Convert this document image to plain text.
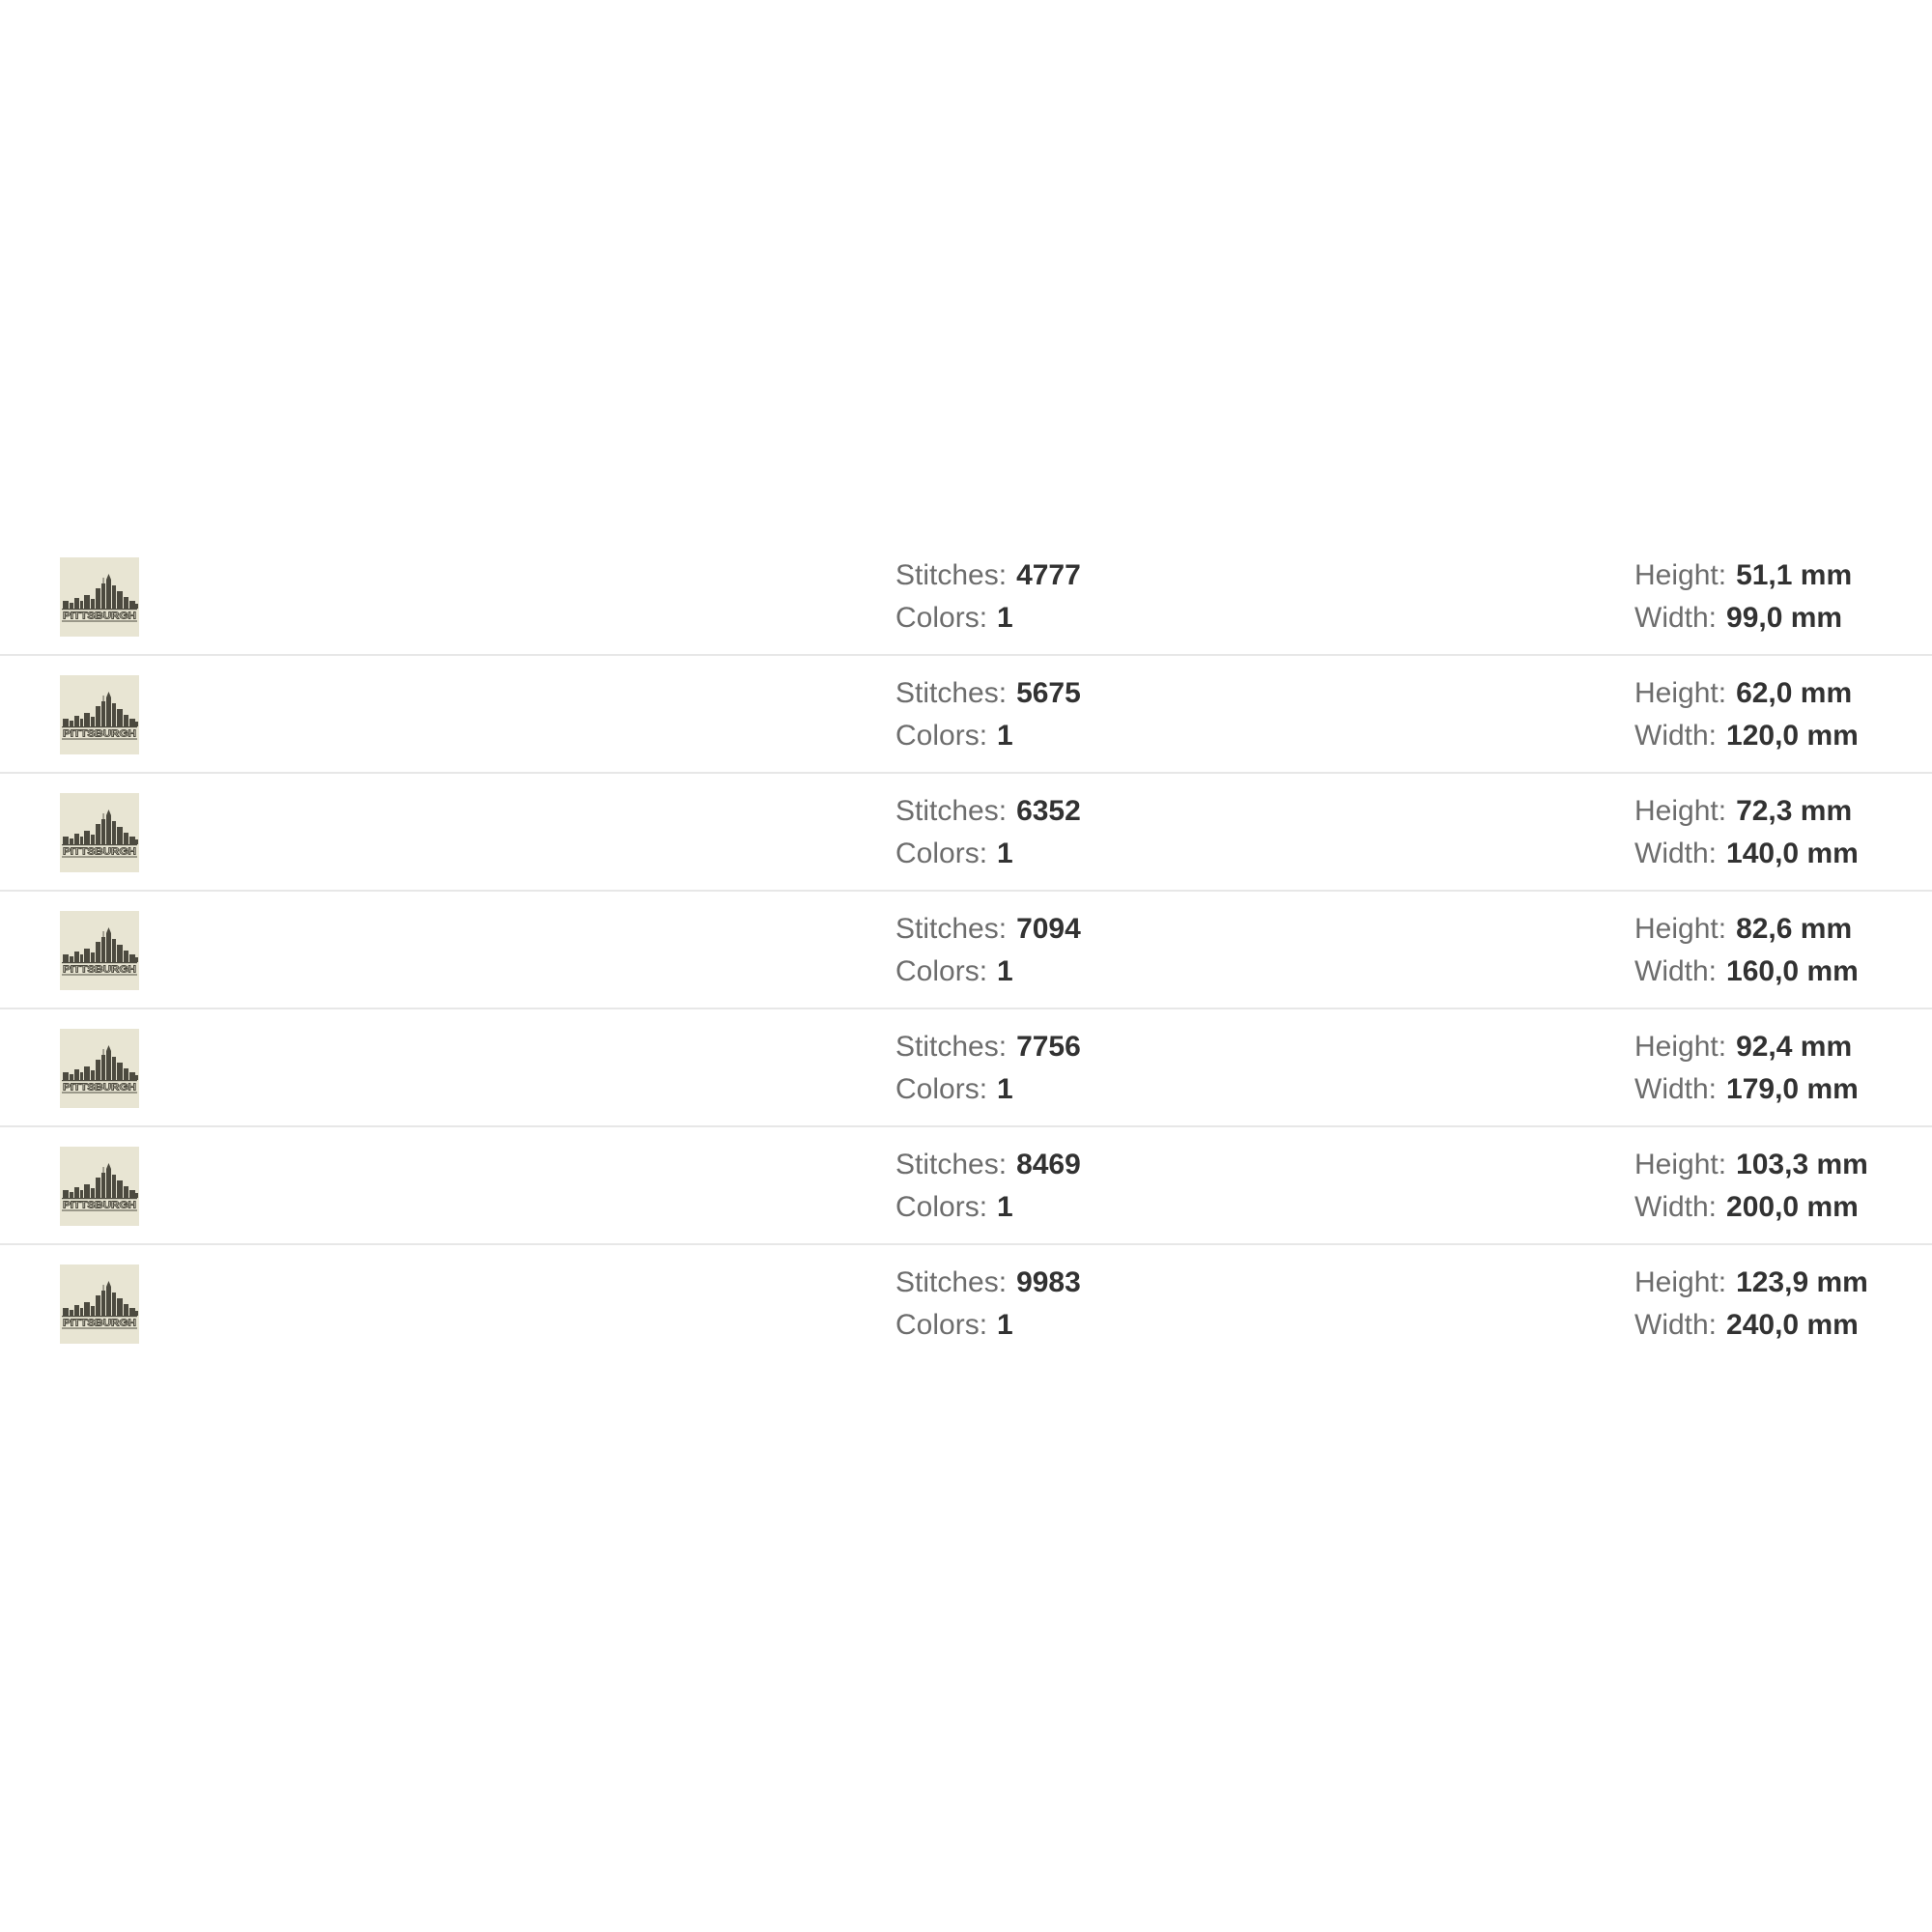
Stitches: 4777
Colors: 1
Height: 51,1 mm
Width: 99,0 mm
Stitches: 5675
Colors: 1
Height: 62,0 mm
Width: 120,0 mm
Stitches: 6352
Colors: 1
Height: 72,3 mm
Width: 140,0 mm
Stitches: 7094
Colors: 1
Height: 82,6 mm
Width: 160,0 mm
Stitches: 7756
Colors: 1
Height: 92,4 mm
Width: 179,0 mm
Stitches: 8469
Colors: 1
Height: 103,3 mm
Width: 200,0 mm
Stitches: 9983
Colors: 1
Height: 123,9 mm
Width: 240,0 mm
